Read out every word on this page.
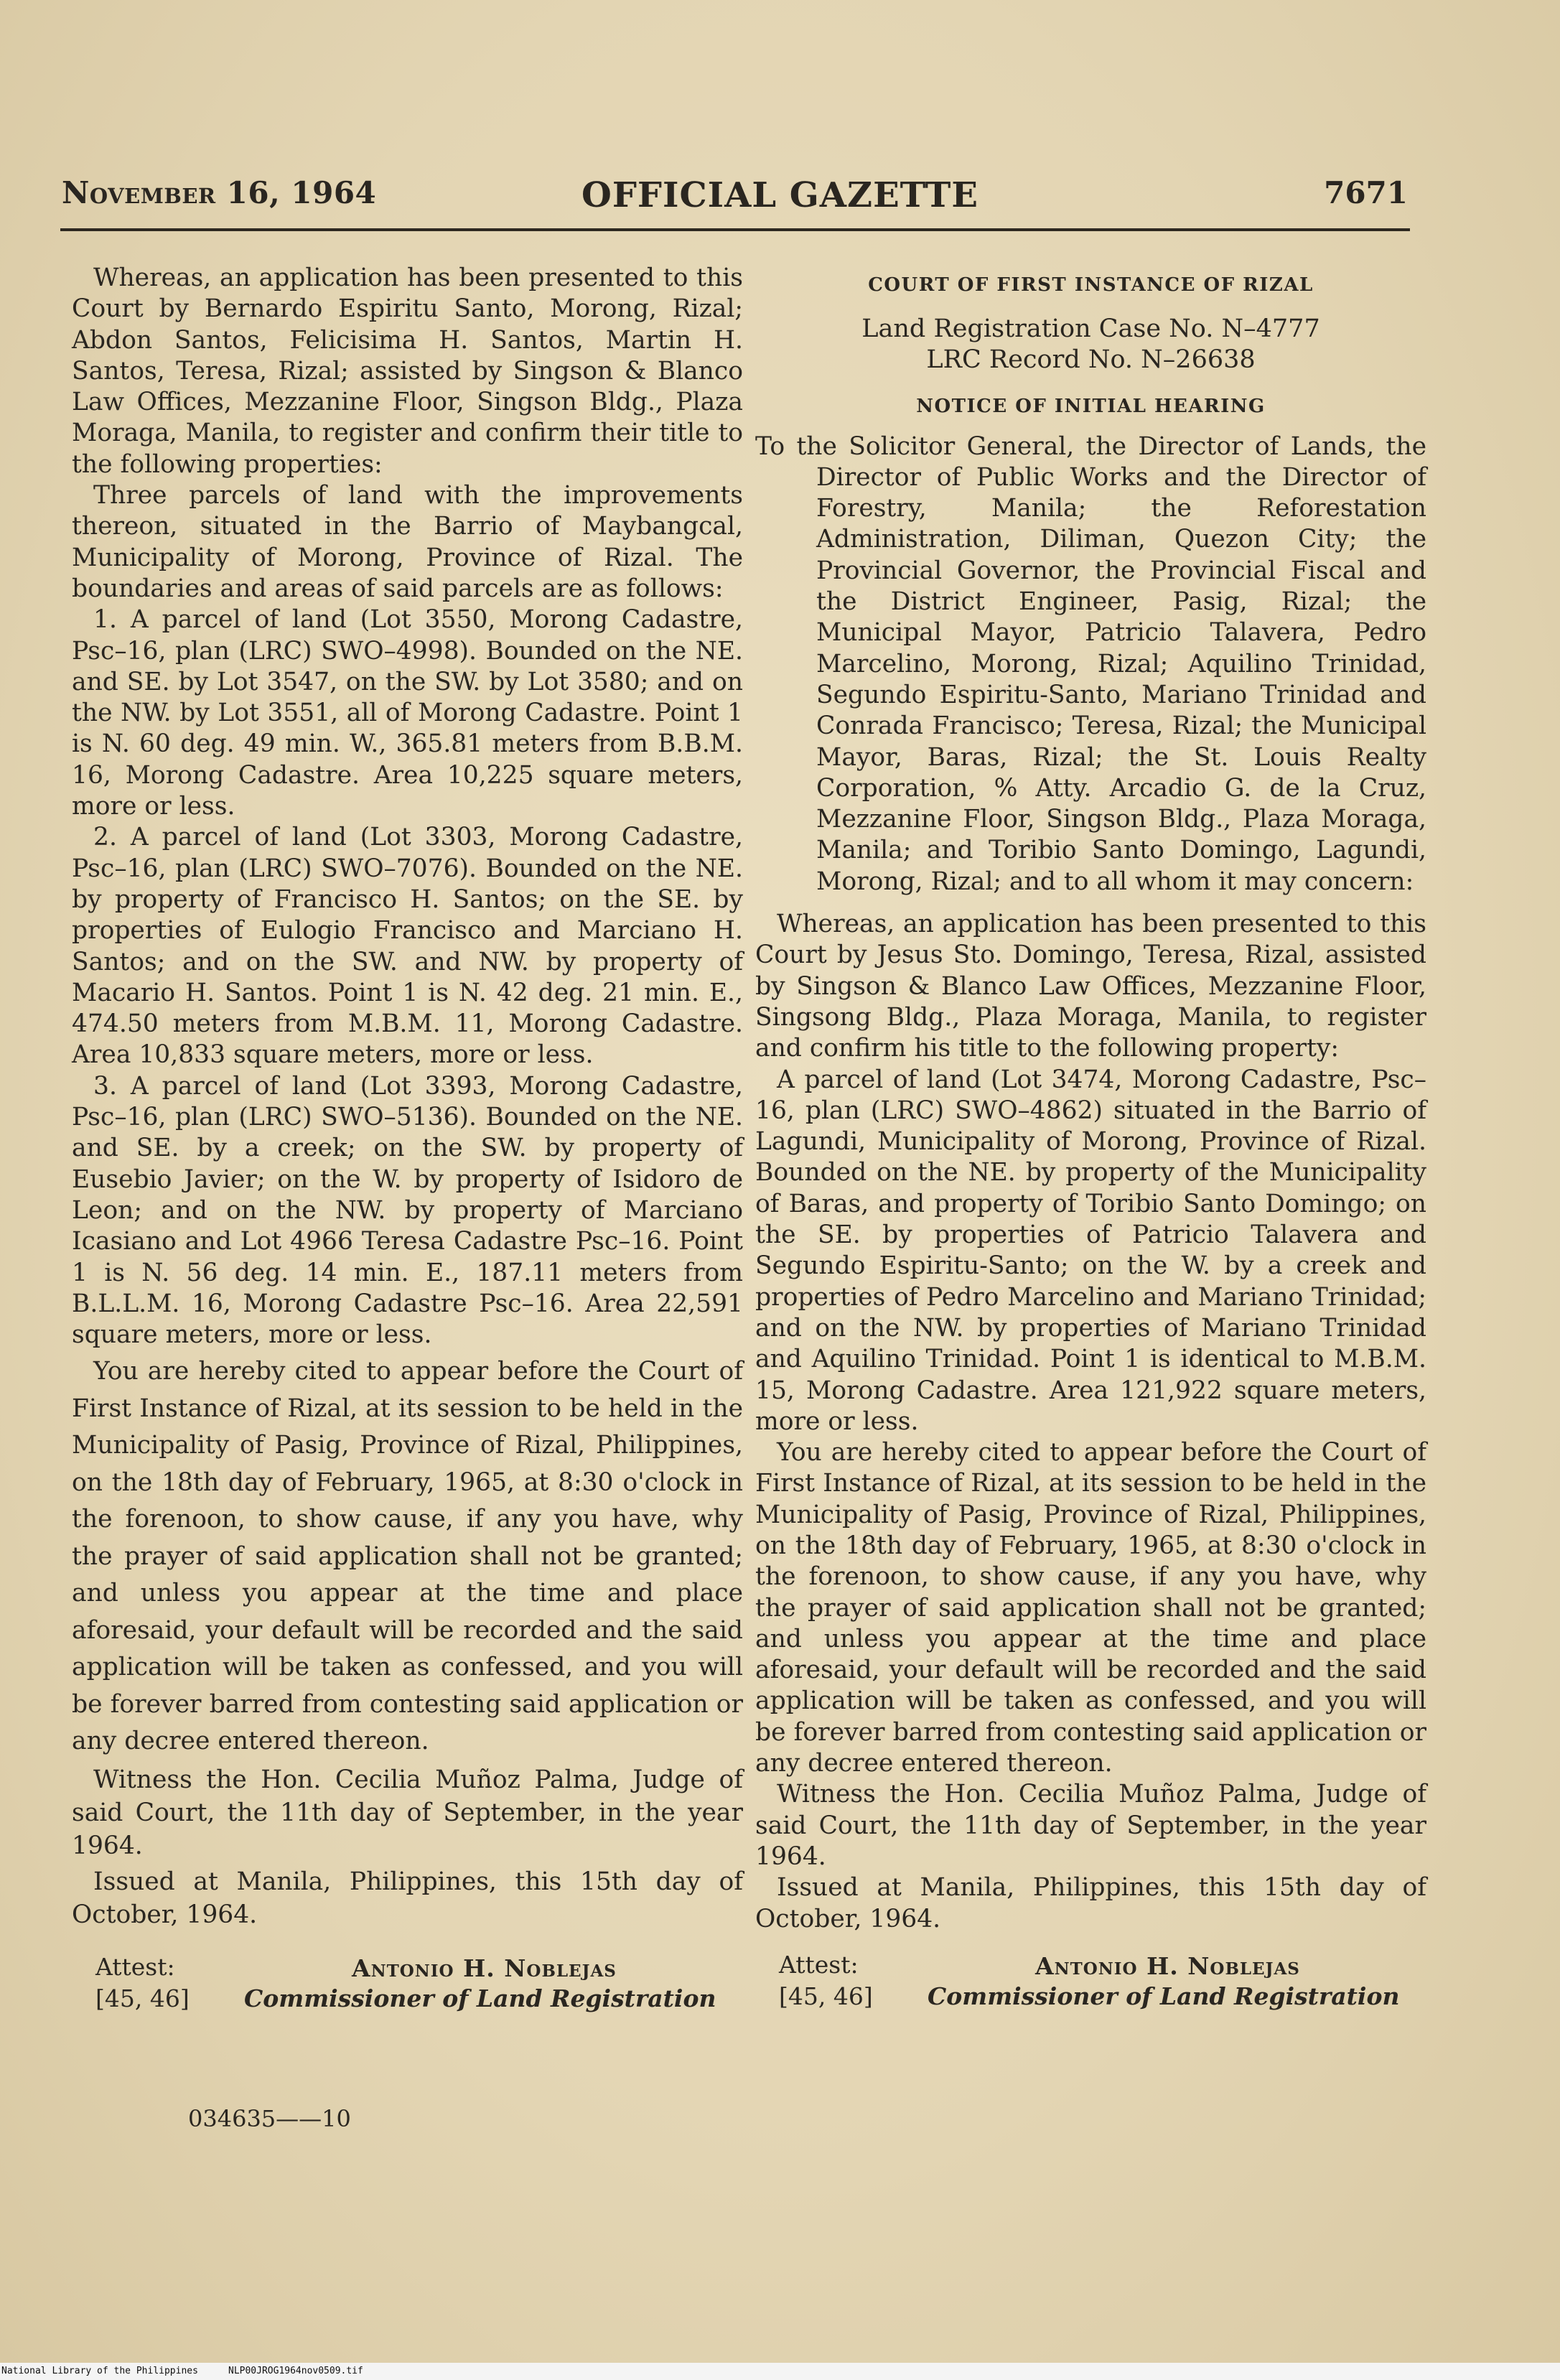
November 16, 1964	OFFICIAL GAZETTE	7671

Whereas, an application has been presented to this Court by Bernardo Espiritu Santo, Morong, Rizal; Abdon Santos, Felicisima H. Santos, Martin H. Santos, Teresa, Rizal; assisted by Singson & Blanco Law Offices, Mezzanine Floor, Singson Bldg., Plaza Moraga, Manila, to register and confirm their title to the following properties:

Three parcels of land with the improvements thereon, situated in the Barrio of Maybangcal, Municipality of Morong, Province of Rizal. The boundaries and areas of said parcels are as follows:

1. A parcel of land (Lot 3550, Morong Cadastre, Psc–16, plan (LRC) SWO–4998). Bounded on the NE. and SE. by Lot 3547, on the SW. by Lot 3580; and on the NW. by Lot 3551, all of Morong Cadastre. Point 1 is N. 60 deg. 49 min. W., 365.81 meters from B.B.M. 16, Morong Cadastre. Area 10,225 square meters, more or less.

2. A parcel of land (Lot 3303, Morong Cadastre, Psc–16, plan (LRC) SWO–7076). Bounded on the NE. by property of Francisco H. Santos; on the SE. by properties of Eulogio Francisco and Marciano H. Santos; and on the SW. and NW. by property of Macario H. Santos. Point 1 is N. 42 deg. 21 min. E., 474.50 meters from M.B.M. 11, Morong Cadastre. Area 10,833 square meters, more or less.

3. A parcel of land (Lot 3393, Morong Cadastre, Psc–16, plan (LRC) SWO–5136). Bounded on the NE. and SE. by a creek; on the SW. by property of Eusebio Javier; on the W. by property of Isidoro de Leon; and on the NW. by property of Marciano Icasiano and Lot 4966 Teresa Cadastre Psc–16. Point 1 is N. 56 deg. 14 min. E., 187.11 meters from B.L.L.M. 16, Morong Cadastre Psc–16. Area 22,591 square meters, more or less.

You are hereby cited to appear before the Court of First Instance of Rizal, at its session to be held in the Municipality of Pasig, Province of Rizal, Philippines, on the 18th day of February, 1965, at 8:30 o'clock in the forenoon, to show cause, if any you have, why the prayer of said application shall not be granted; and unless you appear at the time and place aforesaid, your default will be recorded and the said application will be taken as confessed, and you will be forever barred from contesting said application or any decree entered thereon.

Witness the Hon. Cecilia Muñoz Palma, Judge of said Court, the 11th day of September, in the year 1964.

Issued at Manila, Philippines, this 15th day of October, 1964.

Attest:
[45, 46]
Antonio H. Noblejas
Commissioner of Land Registration
034635——10
COURT OF FIRST INSTANCE OF RIZAL
Land Registration Case No. N–4777
LRC Record No. N–26638
NOTICE OF INITIAL HEARING

To the Solicitor General, the Director of Lands, the Director of Public Works and the Director of Forestry, Manila; the Reforestation Administration, Diliman, Quezon City; the Provincial Governor, the Provincial Fiscal and the District Engineer, Pasig, Rizal; the Municipal Mayor, Patricio Talavera, Pedro Marcelino, Morong, Rizal; Aquilino Trinidad, Segundo Espiritu-Santo, Mariano Trinidad and Conrada Francisco; Teresa, Rizal; the Municipal Mayor, Baras, Rizal; the St. Louis Realty Corporation, % Atty. Arcadio G. de la Cruz, Mezzanine Floor, Singson Bldg., Plaza Moraga, Manila; and Toribio Santo Domingo, Lagundi, Morong, Rizal; and to all whom it may concern:

Whereas, an application has been presented to this Court by Jesus Sto. Domingo, Teresa, Rizal, assisted by Singson & Blanco Law Offices, Mezzanine Floor, Singsong Bldg., Plaza Moraga, Manila, to register and confirm his title to the following property:

A parcel of land (Lot 3474, Morong Cadastre, Psc–16, plan (LRC) SWO–4862) situated in the Barrio of Lagundi, Municipality of Morong, Province of Rizal. Bounded on the NE. by property of the Municipality of Baras, and property of Toribio Santo Domingo; on the SE. by properties of Patricio Talavera and Segundo Espiritu-Santo; on the W. by a creek and properties of Pedro Marcelino and Mariano Trinidad; and on the NW. by properties of Mariano Trinidad and Aquilino Trinidad. Point 1 is identical to M.B.M. 15, Morong Cadastre. Area 121,922 square meters, more or less.

You are hereby cited to appear before the Court of First Instance of Rizal, at its session to be held in the Municipality of Pasig, Province of Rizal, Philippines, on the 18th day of February, 1965, at 8:30 o'clock in the forenoon, to show cause, if any you have, why the prayer of said application shall not be granted; and unless you appear at the time and place aforesaid, your default will be recorded and the said application will be taken as confessed, and you will be forever barred from contesting said application or any decree entered thereon.

Witness the Hon. Cecilia Muñoz Palma, Judge of said Court, the 11th day of September, in the year 1964.

Issued at Manila, Philippines, this 15th day of October, 1964.

Attest:
[45, 46]
Antonio H. Noblejas
Commissioner of Land Registration
National Library of the Philippines	NLP00JROG1964nov0509.tif
